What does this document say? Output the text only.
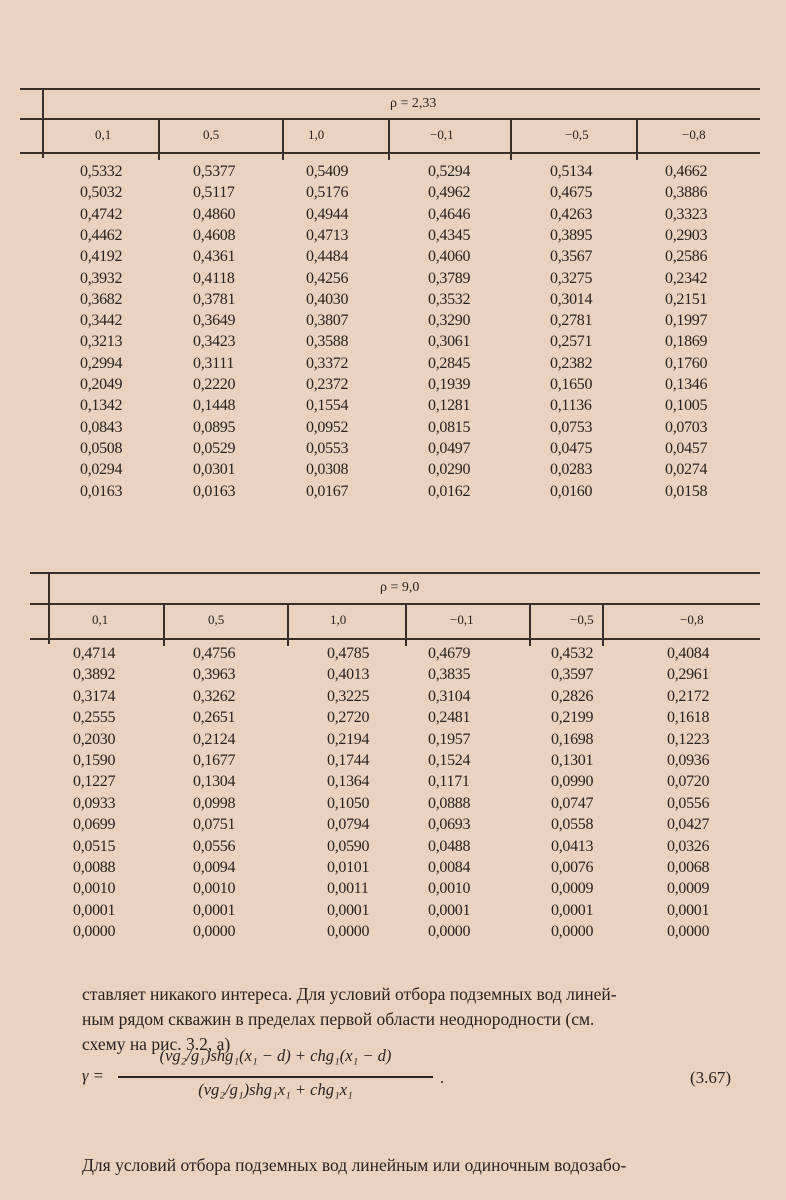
ставляет никакого интереса. Для условий отбора подземных вод линей-
ным рядом скважин в пределах первой области неоднородности (см.
схему на рис. 3.2, а)
γ =
(νg₂/g₁)shg₁(x₁ − d) + chg₁(x₁ − d)
(νg₂/g₁)shg₁x₁ + chg₁x₁
.	(3.67)
Для условий отбора подземных вод линейным или одиночным водозабо-
ρ = 2,33
0,1	0,5	1,0	−0,1	−0,5	−0,8
0,5332	0,5377	0,5409	0,5294	0,5134	0,4662
0,5032	0,5117	0,5176	0,4962	0,4675	0,3886
0,4742	0,4860	0,4944	0,4646	0,4263	0,3323
0,4462	0,4608	0,4713	0,4345	0,3895	0,2903
0,4192	0,4361	0,4484	0,4060	0,3567	0,2586
0,3932	0,4118	0,4256	0,3789	0,3275	0,2342
0,3682	0,3781	0,4030	0,3532	0,3014	0,2151
0,3442	0,3649	0,3807	0,3290	0,2781	0,1997
0,3213	0,3423	0,3588	0,3061	0,2571	0,1869
0,2994	0,3111	0,3372	0,2845	0,2382	0,1760
0,2049	0,2220	0,2372	0,1939	0,1650	0,1346
0,1342	0,1448	0,1554	0,1281	0,1136	0,1005
0,0843	0,0895	0,0952	0,0815	0,0753	0,0703
0,0508	0,0529	0,0553	0,0497	0,0475	0,0457
0,0294	0,0301	0,0308	0,0290	0,0283	0,0274
0,0163	0,0163	0,0167	0,0162	0,0160	0,0158
ρ = 9,0
0,1	0,5	1,0	−0,1	−0,5	−0,8
0,4714	0,4756	0,4785	0,4679	0,4532	0,4084
0,3892	0,3963	0,4013	0,3835	0,3597	0,2961
0,3174	0,3262	0,3225	0,3104	0,2826	0,2172
0,2555	0,2651	0,2720	0,2481	0,2199	0,1618
0,2030	0,2124	0,2194	0,1957	0,1698	0,1223
0,1590	0,1677	0,1744	0,1524	0,1301	0,0936
0,1227	0,1304	0,1364	0,1171	0,0990	0,0720
0,0933	0,0998	0,1050	0,0888	0,0747	0,0556
0,0699	0,0751	0,0794	0,0693	0,0558	0,0427
0,0515	0,0556	0,0590	0,0488	0,0413	0,0326
0,0088	0,0094	0,0101	0,0084	0,0076	0,0068
0,0010	0,0010	0,0011	0,0010	0,0009	0,0009
0,0001	0,0001	0,0001	0,0001	0,0001	0,0001
0,0000	0,0000	0,0000	0,0000	0,0000	0,0000
